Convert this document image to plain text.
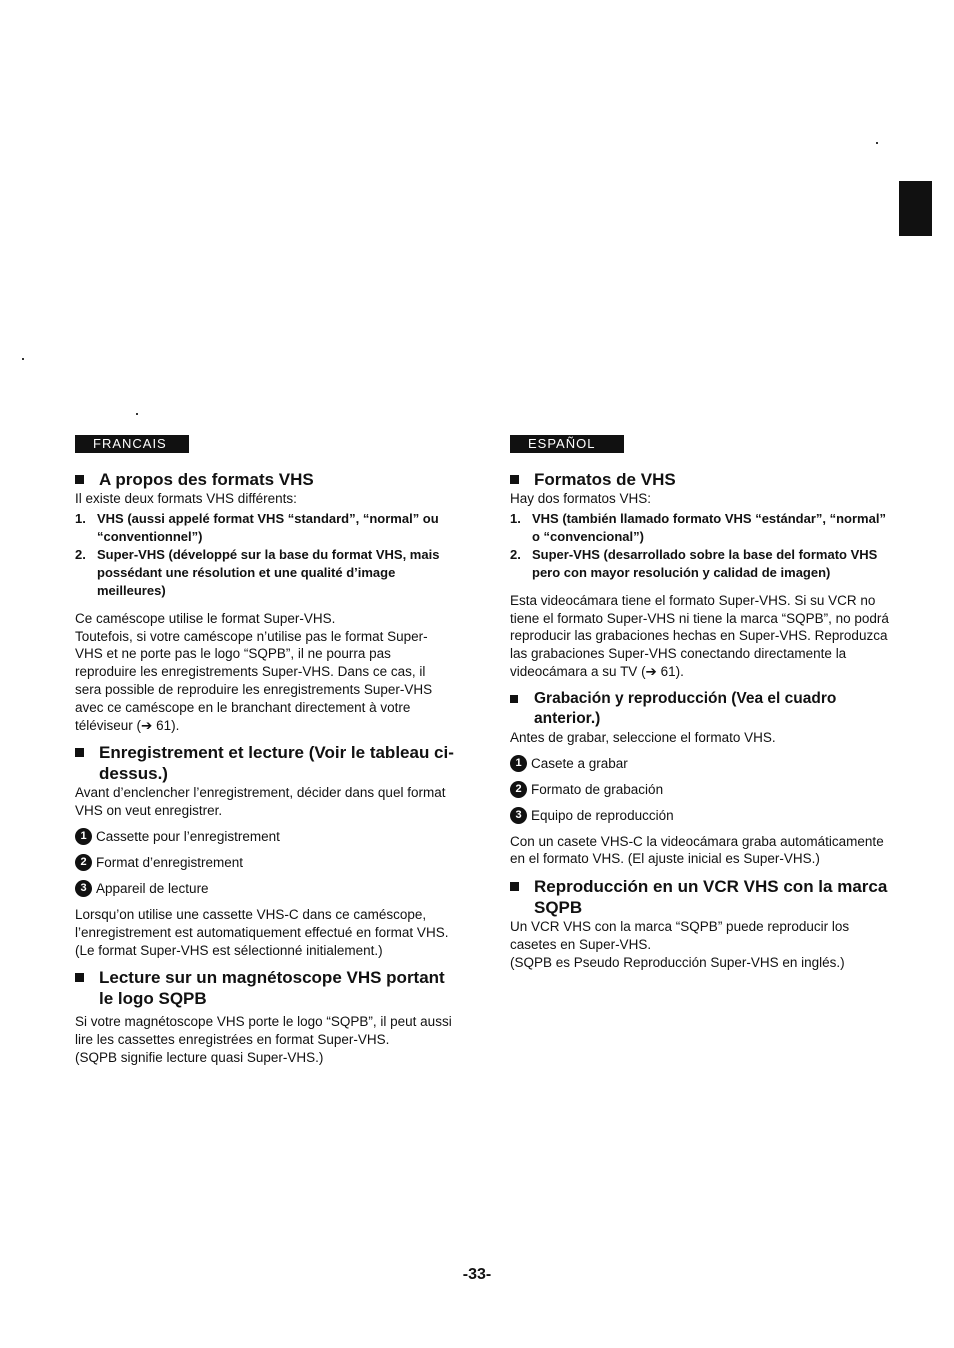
FRANCAIS
A propos des formats VHS

Il existe deux formats VHS différents:

1. VHS (aussi appelé format VHS “standard”, “normal” ou “conventionnel”)
2. Super-VHS (développé sur la base du format VHS, mais possédant une résolution et une qualité d’image meilleures)

Ce caméscope utilise le format Super-VHS.

Toutefois, si votre caméscope n’utilise pas le format Super-VHS et ne porte pas le logo “SQPB”, il ne pourra pas reproduire les enregistrements Super-VHS. Dans ce cas, il sera possible de reproduire les enregistrements Super-VHS avec ce caméscope en le branchant directement à votre téléviseur (➔ 61).

Enregistrement et lecture (Voir le tableau ci-dessus.)

Avant d’enclencher l’enregistrement, décider dans quel format VHS on veut enregistrer.

1 Cassette pour l’enregistrement
2 Format d’enregistrement
3 Appareil de lecture

Lorsqu’on utilise une cassette VHS-C dans ce caméscope, l’enregistrement est automatiquement effectué en format VHS. (Le format Super-VHS est sélectionné initialement.)

Lecture sur un magnétoscope VHS portant le logo SQPB

Si votre magnétoscope VHS porte le logo “SQPB”, il peut aussi lire les cassettes enregistrées en format Super-VHS.

(SQPB signifie lecture quasi Super-VHS.)

ESPAÑOL
Formatos de VHS

Hay dos formatos VHS:

1. VHS (también llamado formato VHS “estándar”, “normal” o “convencional”)
2. Super-VHS (desarrollado sobre la base del formato VHS pero con mayor resolución y calidad de imagen)

Esta videocámara tiene el formato Super-VHS. Si su VCR no tiene el formato Super-VHS ni tiene la marca “SQPB”, no podrá reproducir las grabaciones hechas en Super-VHS. Reproduzca las grabaciones Super-VHS conectando directamente la videocámara a su TV (➔ 61).

Grabación y reproducción (Vea el cuadro anterior.)

Antes de grabar, seleccione el formato VHS.

1 Casete a grabar
2 Formato de grabación
3 Equipo de reproducción

Con un casete VHS-C la videocámara graba automáticamente en el formato VHS. (El ajuste inicial es Super-VHS.)

Reproducción en un VCR VHS con la marca SQPB

Un VCR VHS con la marca “SQPB” puede reproducir los casetes en Super-VHS.

(SQPB es Pseudo Reproducción Super-VHS en inglés.)

-33-
